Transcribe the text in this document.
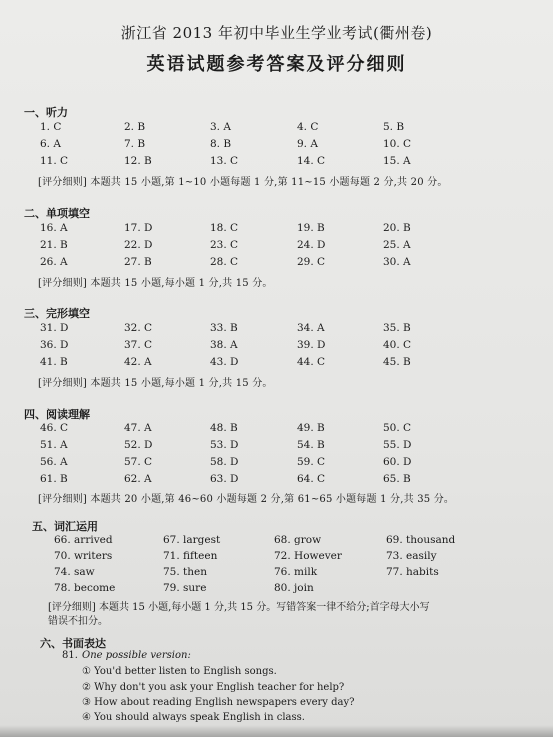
浙江省 2013 年初中毕业生学业考试(衢州卷)
英语试题参考答案及评分细则
一、听力
1. C	2. B	3. A	4. C	5. B
6. A	7. B	8. B	9. A	10. C
11. C	12. B	13. C	14. C	15. A
[评分细则] 本题共 15 小题,第 1~10 小题每题 1 分,第 11~15 小题每题 2 分,共 20 分。
二、单项填空
16. A	17. D	18. C	19. B	20. B
21. B	22. D	23. C	24. D	25. A
26. A	27. B	28. C	29. C	30. A
[评分细则] 本题共 15 小题,每小题 1 分,共 15 分。
三、完形填空
31. D	32. C	33. B	34. A	35. B
36. D	37. C	38. A	39. D	40. C
41. B	42. A	43. D	44. C	45. B
[评分细则] 本题共 15 小题,每小题 1 分,共 15 分。
四、阅读理解
46. C	47. A	48. B	49. B	50. C
51. A	52. D	53. D	54. B	55. D
56. A	57. C	58. D	59. C	60. D
61. B	62. A	63. D	64. C	65. B
[评分细则] 本题共 20 小题,第 46~60 小题每题 2 分,第 61~65 小题每题 1 分,共 35 分。
五、词汇运用
66. arrived	67. largest	68. grow	69. thousand
70. writers	71. fifteen	72. However	73. easily
74. saw	75. then	76. milk	77. habits
78. become	79. sure	80. join
[评分细则] 本题共 15 小题,每小题 1 分,共 15 分。写错答案一律不给分;首字母大小写
错误不扣分。
六、书面表达
81. One possible version:
① You'd better listen to English songs.
② Why don't you ask your English teacher for help?
③ How about reading English newspapers every day?
④ You should always speak English in class.
